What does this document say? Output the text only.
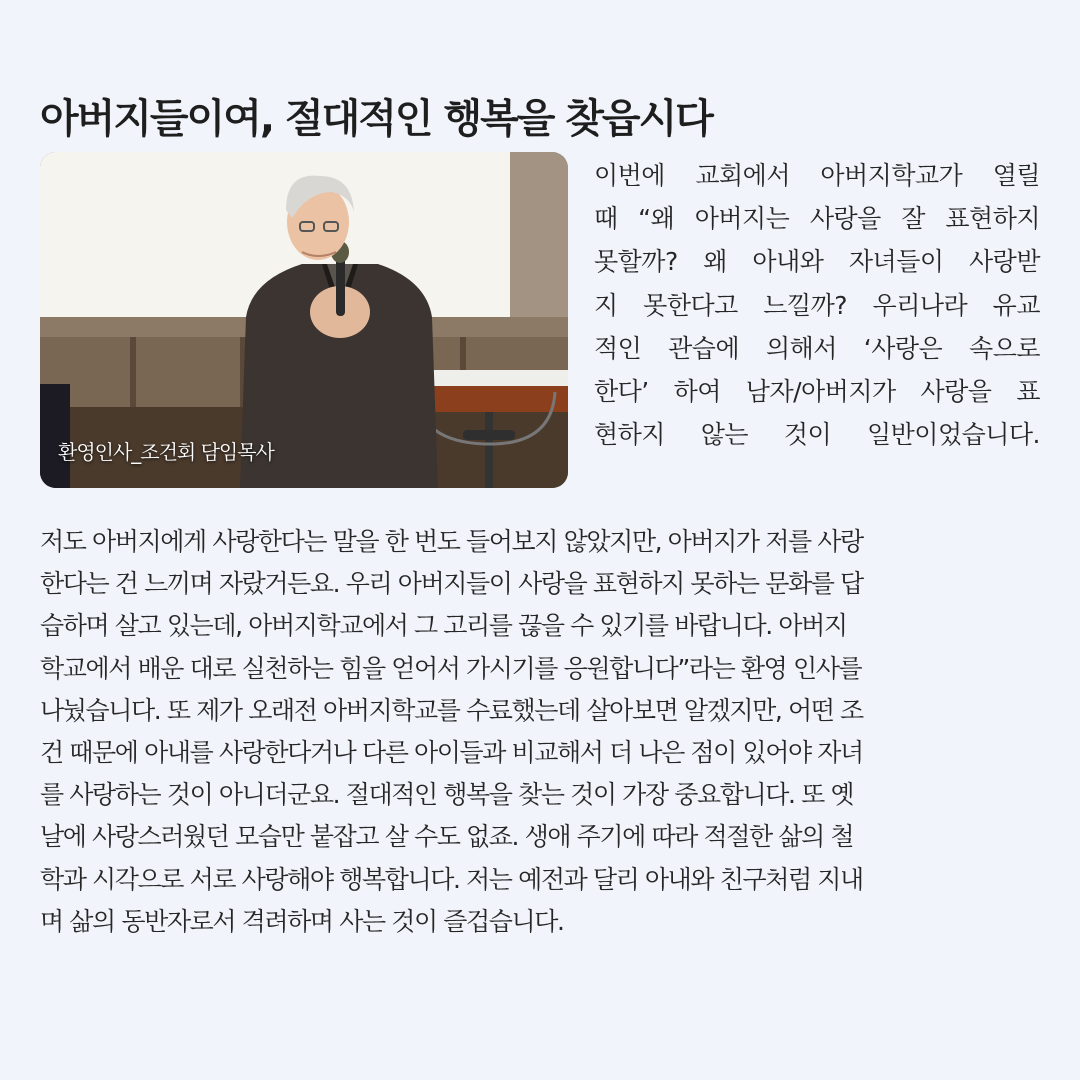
아버지들이여, 절대적인 행복을 찾읍시다
환영인사_조건회 담임목사
이번에 교회에서 아버지학교가 열릴
때 “왜 아버지는 사랑을 잘 표현하지
못할까? 왜 아내와 자녀들이 사랑받
지 못한다고 느낄까? 우리나라 유교
적인 관습에 의해서 ‘사랑은 속으로
한다’ 하여 남자/아버지가 사랑을 표
현하지 않는 것이 일반이었습니다.
저도 아버지에게 사랑한다는 말을 한 번도 들어보지 않았지만, 아버지가 저를 사랑
한다는 건 느끼며 자랐거든요. 우리 아버지들이 사랑을 표현하지 못하는 문화를 답
습하며 살고 있는데, 아버지학교에서 그 고리를 끊을 수 있기를 바랍니다. 아버지
학교에서 배운 대로 실천하는 힘을 얻어서 가시기를 응원합니다”라는 환영 인사를
나눴습니다. 또 제가 오래전 아버지학교를 수료했는데 살아보면 알겠지만, 어떤 조
건 때문에 아내를 사랑한다거나 다른 아이들과 비교해서 더 나은 점이 있어야 자녀
를 사랑하는 것이 아니더군요. 절대적인 행복을 찾는 것이 가장 중요합니다. 또 옛
날에 사랑스러웠던 모습만 붙잡고 살 수도 없죠. 생애 주기에 따라 적절한 삶의 철
학과 시각으로 서로 사랑해야 행복합니다. 저는 예전과 달리 아내와 친구처럼 지내
며 삶의 동반자로서 격려하며 사는 것이 즐겁습니다.
